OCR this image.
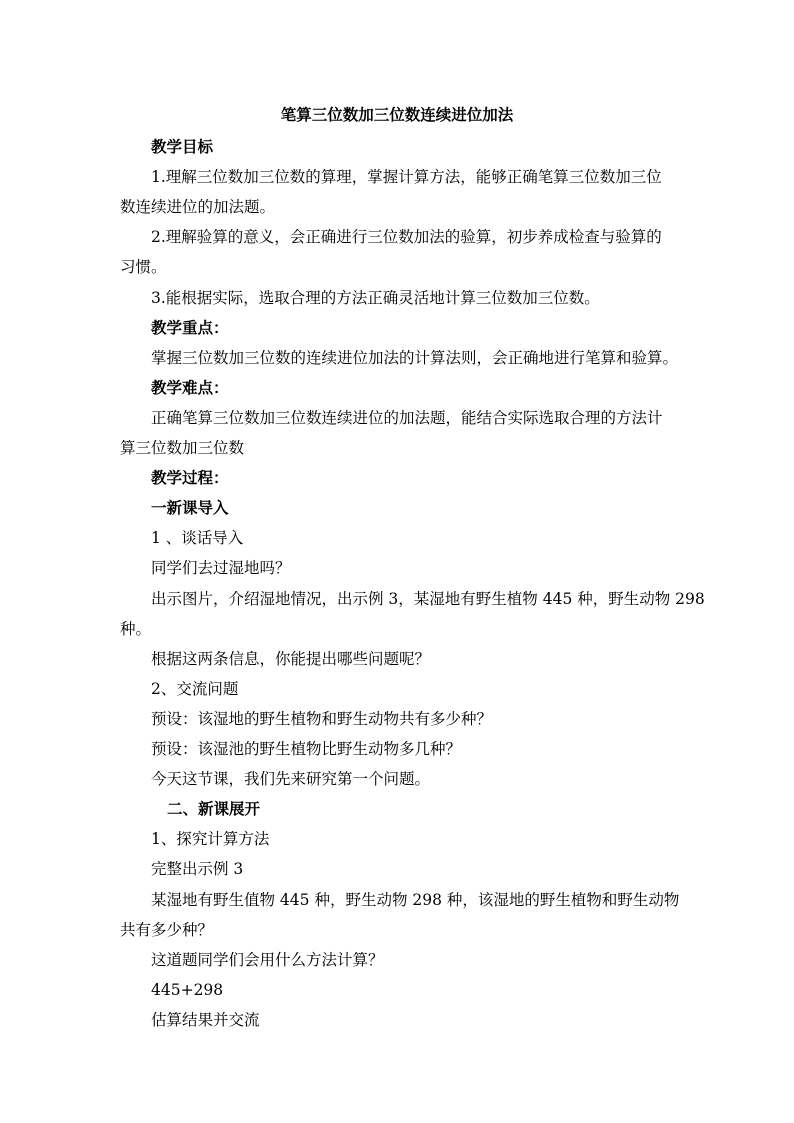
笔算三位数加三位数连续进位加法
教学目标
1.理解三位数加三位数的算理，掌握计算方法，能够正确笔算三位数加三位
数连续进位的加法题。
2.理解验算的意义，会正确进行三位数加法的验算，初步养成检查与验算的
习惯。
3.能根据实际，选取合理的方法正确灵活地计算三位数加三位数。
教学重点：
掌握三位数加三位数的连续进位加法的计算法则，会正确地进行笔算和验算。
教学难点：
正确笔算三位数加三位数连续进位的加法题，能结合实际选取合理的方法计
算三位数加三位数
教学过程：
一新课导入
1 、谈话导入
同学们去过湿地吗？
出示图片，介绍湿地情况，出示例 3，某湿地有野生植物 445 种，野生动物 298
种。
根据这两条信息，你能提出哪些问题呢？
2、交流问题
预设：该湿地的野生植物和野生动物共有多少种？
预设：该湿池的野生植物比野生动物多几种？
今天这节课，我们先来研究第一个问题。
二、新课展开
1、探究计算方法
完整出示例 3
某湿地有野生值物 445 种，野生动物 298 种，该湿地的野生植物和野生动物
共有多少种？
这道题同学们会用什么方法计算？
445+298
估算结果并交流
